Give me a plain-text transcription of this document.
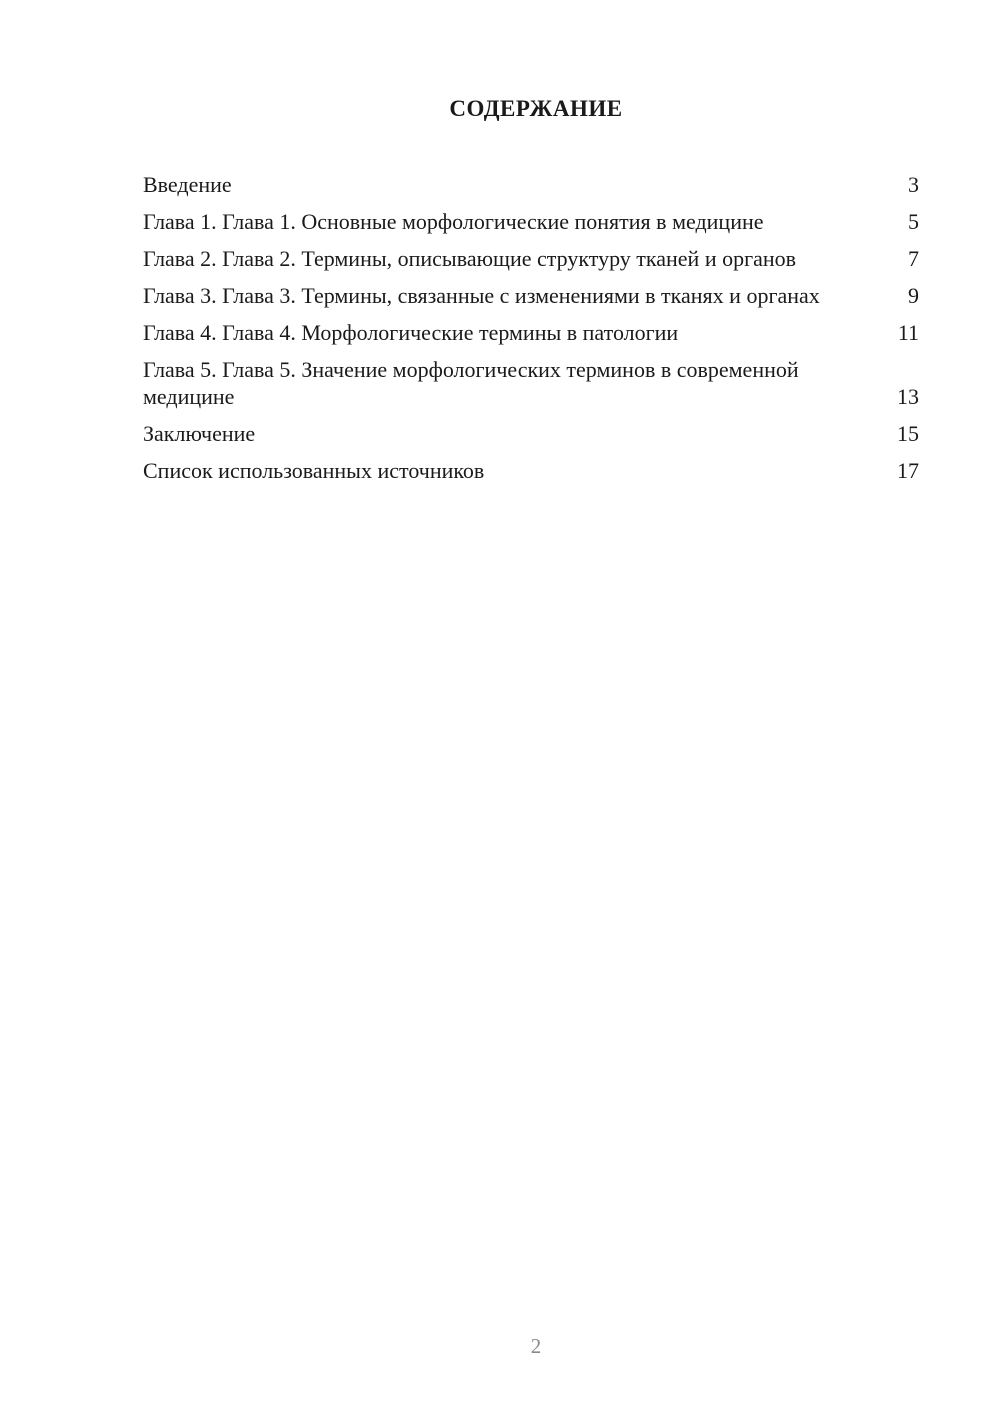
СОДЕРЖАНИЕ
Введение	3
Глава 1. Глава 1. Основные морфологические понятия в медицине	5
Глава 2. Глава 2. Термины, описывающие структуру тканей и органов	7
Глава 3. Глава 3. Термины, связанные с изменениями в тканях и органах	9
Глава 4. Глава 4. Морфологические термины в патологии	11
Глава 5. Глава 5. Значение морфологических терминов в современной медицине	13
Заключение	15
Список использованных источников	17
2
